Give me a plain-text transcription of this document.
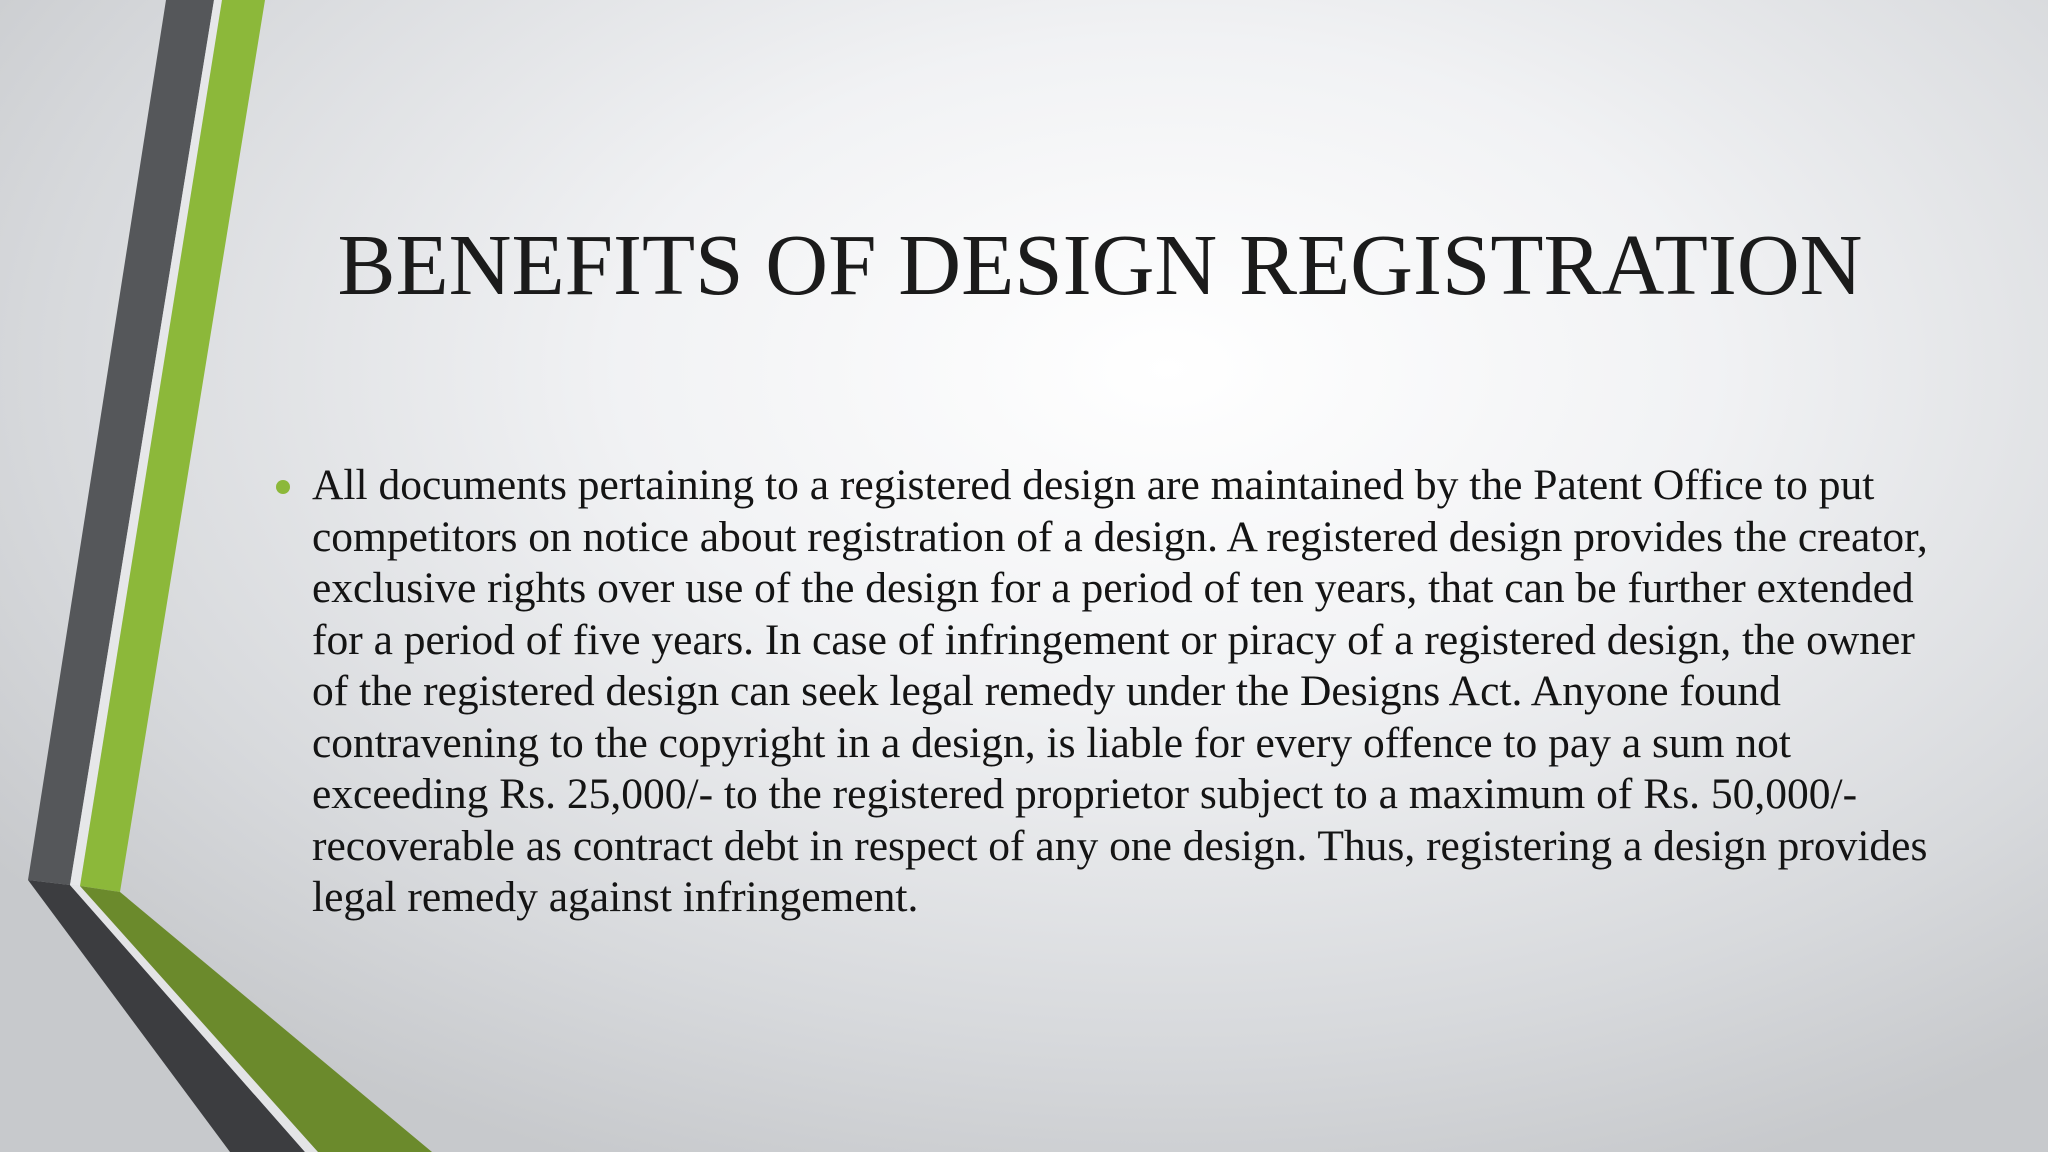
BENEFITS OF DESIGN REGISTRATION
All documents pertaining to a registered design are maintained by the Patent Office to put competitors on notice about registration of a design. A registered design provides the creator, exclusive rights over use of the design for a period of ten years, that can be further extended for a period of five years. In case of infringement or piracy of a registered design, the owner of the registered design can seek legal remedy under the Designs Act. Anyone found contravening to the copyright in a design, is liable for every offence to pay a sum not exceeding Rs. 25,000/- to the registered proprietor subject to a maximum of Rs. 50,000/- recoverable as contract debt in respect of any one design. Thus, registering a design provides legal remedy against infringement.
